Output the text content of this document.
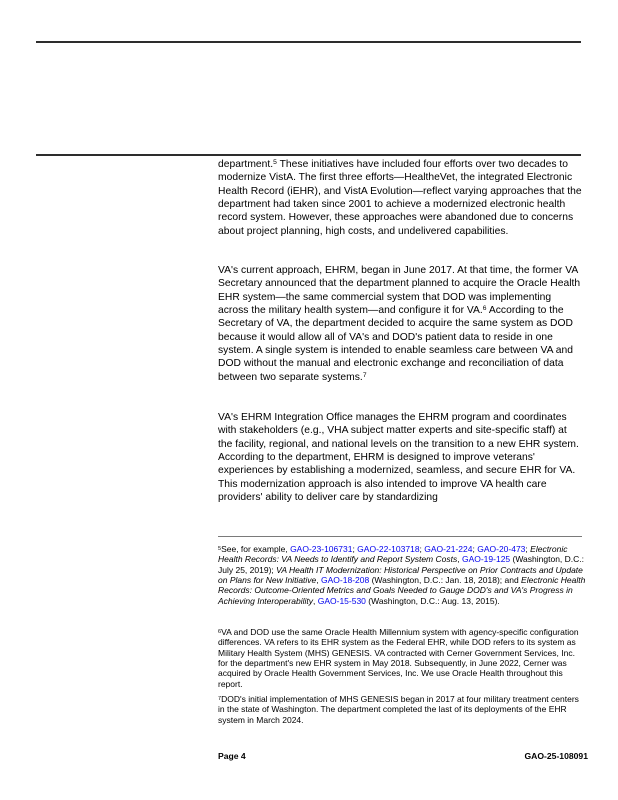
department.$^5$ These initiatives have included four efforts over two decades to modernize VistA. The first three efforts—HealtheVet, the integrated Electronic Health Record (iEHR), and VistA Evolution—reflect varying approaches that the department had taken since 2001 to achieve a modernized electronic health record system. However, these approaches were abandoned due to concerns about project planning, high costs, and undelivered capabilities.

VA's current approach, EHRM, began in June 2017. At that time, the former VA Secretary announced that the department planned to acquire the Oracle Health EHR system—the same commercial system that DOD was implementing across the military health system—and configure it for VA.$^6$ According to the Secretary of VA, the department decided to acquire the same system as DOD because it would allow all of VA's and DOD's patient data to reside in one system. A single system is intended to enable seamless care between VA and DOD without the manual and electronic exchange and reconciliation of data between two separate systems.$^7$

VA's EHRM Integration Office manages the EHRM program and coordinates with stakeholders (e.g., VHA subject matter experts and site-specific staff) at the facility, regional, and national levels on the transition to a new EHR system. According to the department, EHRM is designed to improve veterans' experiences by establishing a modernized, seamless, and secure EHR for VA. This modernization approach is also intended to improve VA health care providers' ability to deliver care by standardizing

$^5$See, for example, GAO-23-106731; GAO-22-103718; GAO-21-224; GAO-20-473; Electronic Health Records: VA Needs to Identify and Report System Costs, GAO-19-125 (Washington, D.C.: July 25, 2019); VA Health IT Modernization: Historical Perspective on Prior Contracts and Update on Plans for New Initiative, GAO-18-208 (Washington, D.C.: Jan. 18, 2018); and Electronic Health Records: Outcome-Oriented Metrics and Goals Needed to Gauge DOD's and VA's Progress in Achieving Interoperability, GAO-15-530 (Washington, D.C.: Aug. 13, 2015).

$^6$VA and DOD use the same Oracle Health Millennium system with agency-specific configuration differences. VA refers to its EHR system as the Federal EHR, while DOD refers to its system as Military Health System (MHS) GENESIS. VA contracted with Cerner Government Services, Inc. for the department's new EHR system in May 2018. Subsequently, in June 2022, Cerner was acquired by Oracle Health Government Services, Inc. We use Oracle Health throughout this report.

$^7$DOD's initial implementation of MHS GENESIS began in 2017 at four military treatment centers in the state of Washington. The department completed the last of its deployments of the EHR system in March 2024.

Page 4	GAO-25-108091
